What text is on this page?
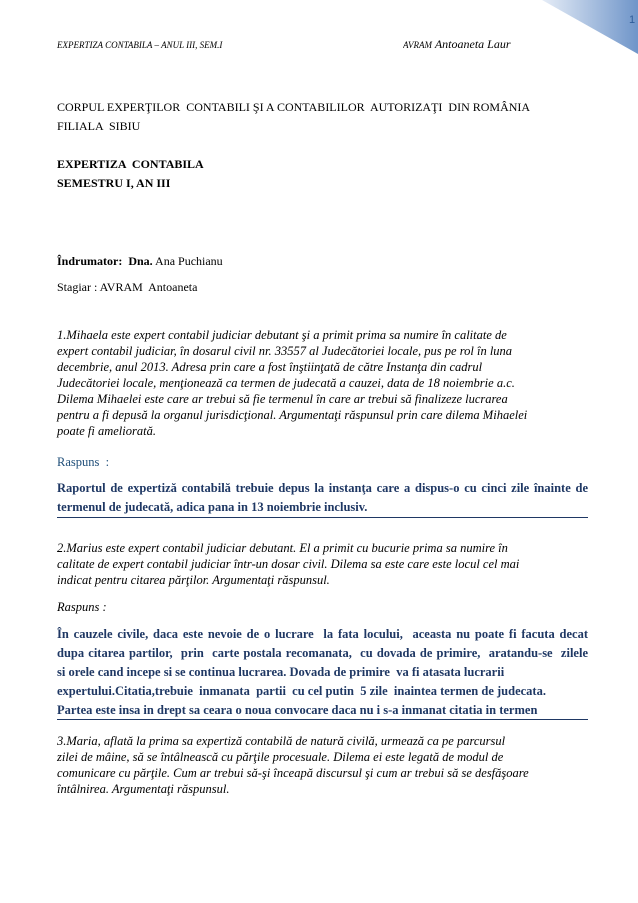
1
EXPERTIZA CONTABILA – ANUL III, SEM.I	AVRAM Antoaneta Laur
CORPUL EXPERŢILOR  CONTABILI ŞI A CONTABILILOR  AUTORIZAŢI  DIN ROMÂNIA
FILIALA  SIBIU
EXPERTIZA  CONTABILA
SEMESTRU I, AN III
Îndrumator:  Dna. Ana Puchianu
Stagiar : AVRAM  Antoaneta
1.Mihaela este expert contabil judiciar debutant şi a primit prima sa numire în calitate de
expert contabil judiciar, în dosarul civil nr. 33557 al Judecătoriei locale, pus pe rol în luna
decembrie, anul 2013. Adresa prin care a fost înştiinţată de către Instanţa din cadrul
Judecătoriei locale, menţionează ca termen de judecată a cauzei, data de 18 noiembrie a.c.
Dilema Mihaelei este care ar trebui să fie termenul în care ar trebui să finalizeze lucrarea
pentru a fi depusă la organul jurisdicţional. Argumentaţi răspunsul prin care dilema Mihaelei
poate fi ameliorată.
Raspuns  :
Raportul de expertiză contabilă trebuie depus la instanţa care a dispus-o cu cinci zile înainte de
termenul de judecată, adica pana in 13 noiembrie inclusiv.
2.Marius este expert contabil judiciar debutant. El a primit cu bucurie prima sa numire în
calitate de expert contabil judiciar într-un dosar civil. Dilema sa este care este locul cel mai
indicat pentru citarea părţilor. Argumentaţi răspunsul.
Raspuns :
În cauzele civile, daca este nevoie de o lucrare  la fata locului,  aceasta nu poate fi facuta decat
dupa citarea partilor,  prin  carte postala recomanata,  cu dovada de primire,  aratandu-se  zilele
si orele cand incepe si se continua lucrarea. Dovada de primire  va fi atasata lucrarii
expertului.Citatia,trebuie  inmanata  partii  cu cel putin  5 zile  inaintea termen de judecata.
Partea este insa in drept sa ceara o noua convocare daca nu i s-a inmanat citatia in termen
3.Maria, aflată la prima sa expertiză contabilă de natură civilă, urmează ca pe parcursul
zilei de mâine, să se întâlnească cu părţile procesuale. Dilema ei este legată de modul de
comunicare cu părţile. Cum ar trebui să-şi înceapă discursul şi cum ar trebui să se desfăşoare
întâlnirea. Argumentaţi răspunsul.
